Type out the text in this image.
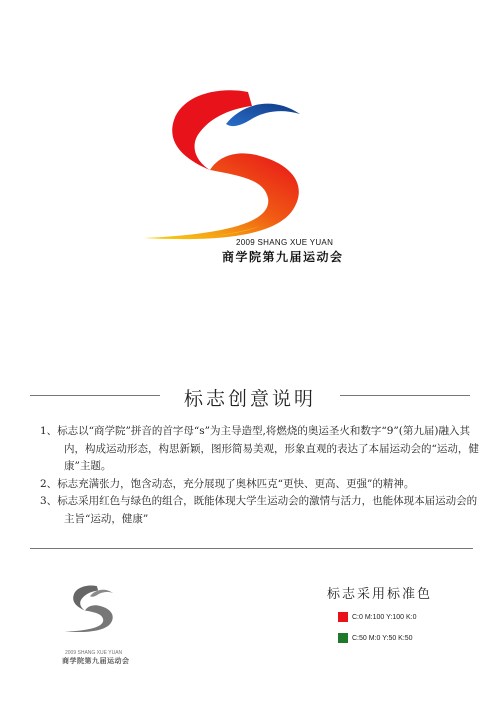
2009 SHANG XUE YUAN
商学院第九届运动会
标志创意说明
1、标志以“商学院”拼音的首字母“s”为主导造型,将燃烧的奥运圣火和数字“9”(第九届)融入其内，构成运动形态，构思新颖，图形简易美观，形象直观的表达了本届运动会的“运动，健康”主题。
2、标志充满张力，饱含动态，充分展现了奥林匹克“更快、更高、更强”的精神。
3、标志采用红色与绿色的组合，既能体现大学生运动会的激情与活力，也能体现本届运动会的主旨“运动，健康”
2009 SHANG XUE YUAN
商学院第九届运动会
标志采用标准色
C:0 M:100 Y:100 K:0
C:50 M:0 Y:50 K:50
